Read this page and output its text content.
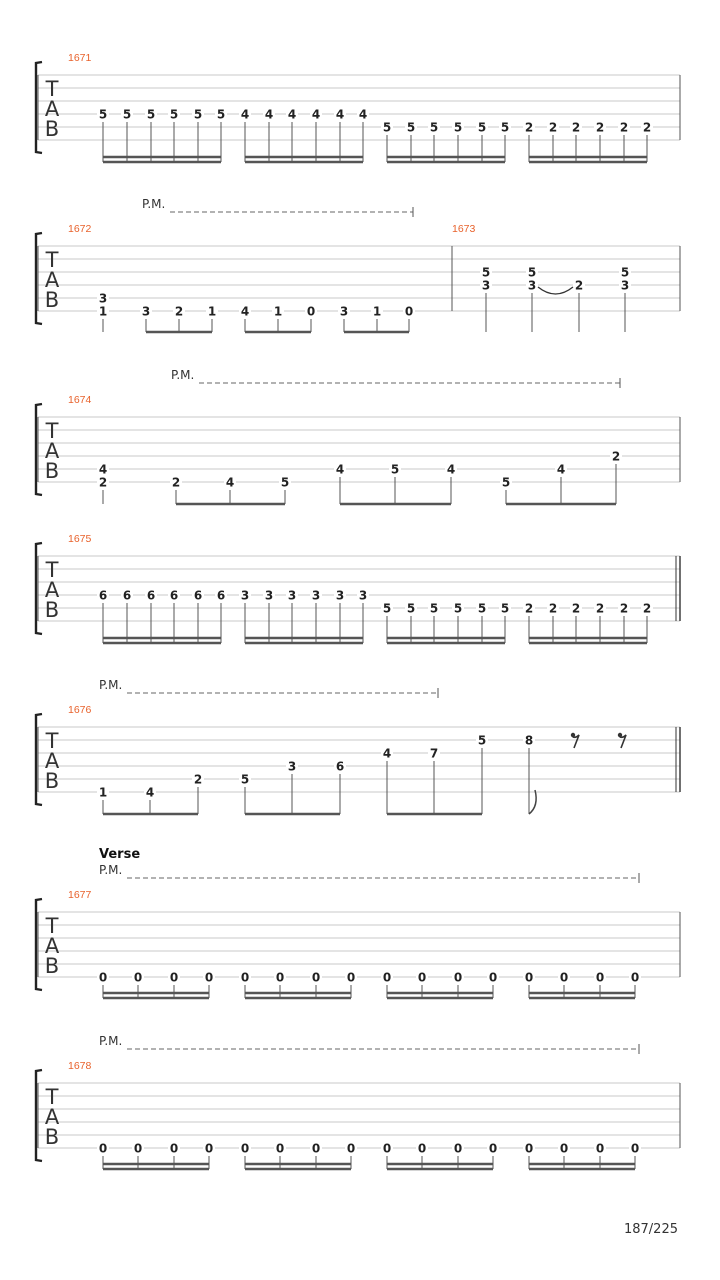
T
A
B
1671
5 5 5 5 5 5 4 4 4 4 4 4
5 5 5 5 5 5 2 2 2 2 2 2
T
A
B
1672	1673
P.M.
3
1	3 2 1 4 1 0 3 1 0
5
3
5
3	2
5
3
T
A
B
1674
P.M.
4
2	2	4	5
4	5	4
5
4
2
T
A
B
1675
6 6 6 6 6 6 3 3 3 3 3 3
5 5 5 5 5 5 2 2 2 2 2 2
T
A
B
1676
P.M.
1	4
2	5
3	6
4	7
5	8
T
A
B
1677
Verse
P.M.
0 0 0 0 0 0 0 0 0 0 0 0 0 0 0 0
T
A
B
1678
P.M.
0 0 0 0 0 0 0 0 0 0 0 0 0 0 0 0
187/225
